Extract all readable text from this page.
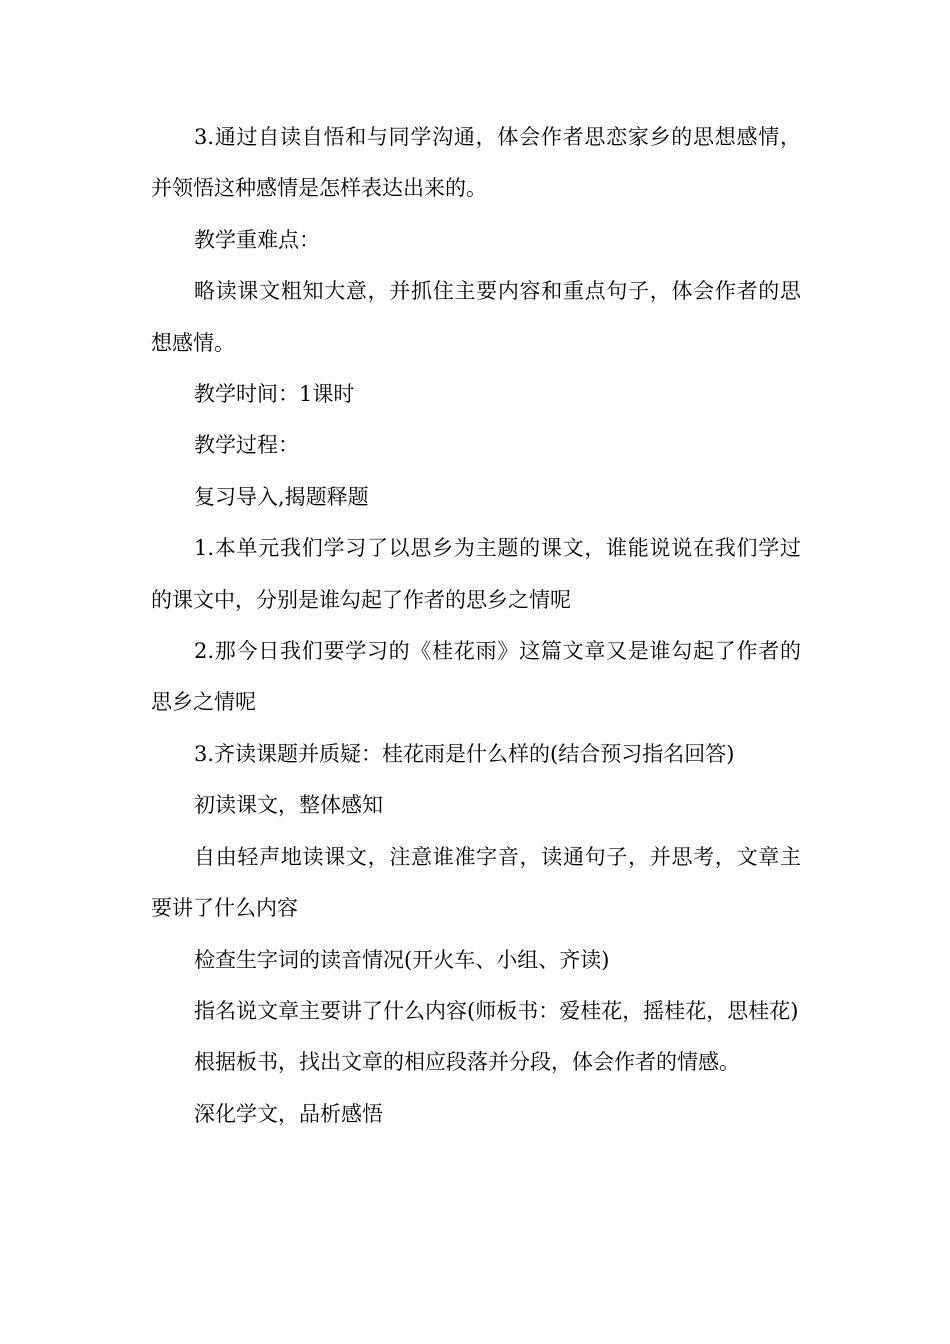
3.通过自读自悟和与同学沟通，体会作者思恋家乡的思想感情，并领悟这种感情是怎样表达出来的。

教学重难点：

略读课文粗知大意，并抓住主要内容和重点句子，体会作者的思想感情。

教学时间：1课时

教学过程：

复习导入,揭题释题

1.本单元我们学习了以思乡为主题的课文，谁能说说在我们学过的课文中，分别是谁勾起了作者的思乡之情呢

2.那今日我们要学习的《桂花雨》这篇文章又是谁勾起了作者的思乡之情呢

3.齐读课题并质疑：桂花雨是什么样的(结合预习指名回答)

初读课文，整体感知

自由轻声地读课文，注意谁准字音，读通句子，并思考，文章主要讲了什么内容

检查生字词的读音情况(开火车、小组、齐读)

指名说文章主要讲了什么内容(师板书：爱桂花，摇桂花，思桂花)

根据板书，找出文章的相应段落并分段，体会作者的情感。

深化学文，品析感悟
